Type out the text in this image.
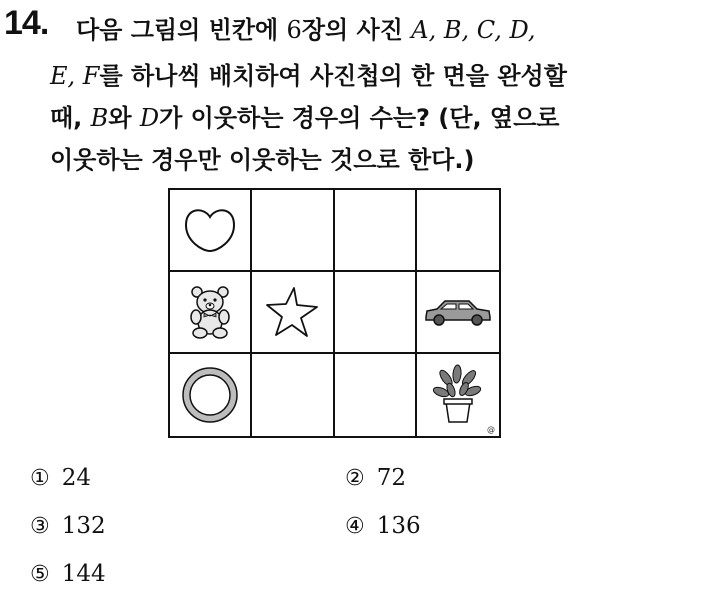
14. 다음 그림의 빈칸에 6장의 사진 A, B, C, D,
E, F를 하나씩 배치하여 사진첩의 한 면을 완성할
때, B와 D가 이웃하는 경우의 수는? (단, 옆으로
이웃하는 경우만 이웃하는 것으로 한다.)
@
① 24	② 72
③ 132	④ 136
⑤ 144
